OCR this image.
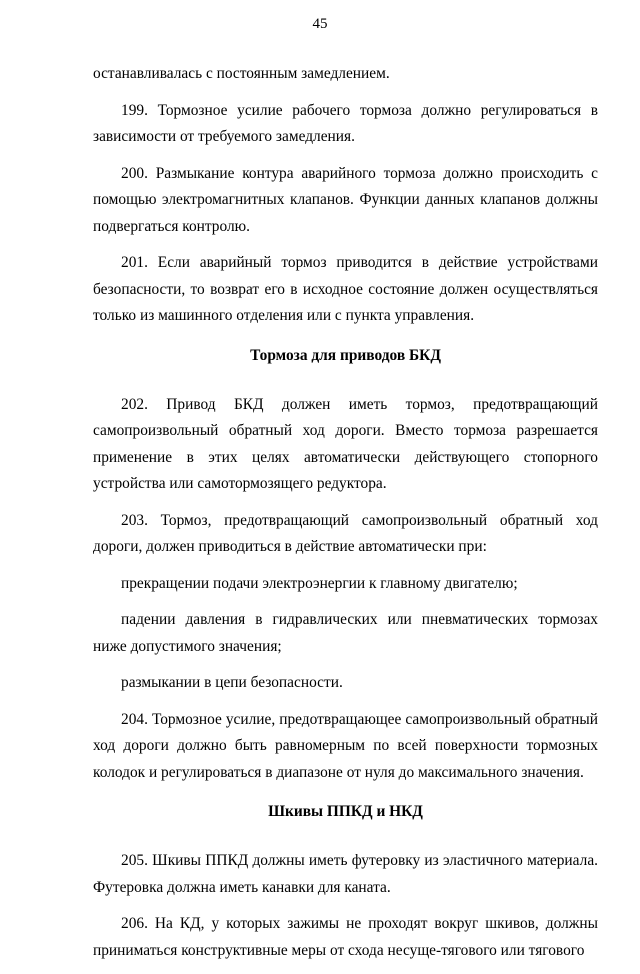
45

останавливалась с постоянным замедлением.

199. Тормозное усилие рабочего тормоза должно регулироваться в зависимости от требуемого замедления.

200. Размыкание контура аварийного тормоза должно происходить с помощью электромагнитных клапанов. Функции данных клапанов должны подвергаться контролю.

201. Если аварийный тормоз приводится в действие устройствами безопасности, то возврат его в исходное состояние должен осуществляться только из машинного отделения или с пункта управления.

Тормоза для приводов БКД

202. Привод БКД должен иметь тормоз, предотвращающий самопроизвольный обратный ход дороги. Вместо тормоза разрешается применение в этих целях автоматически действующего стопорного устройства или самотормозящего редуктора.

203. Тормоз, предотвращающий самопроизвольный обратный ход дороги, должен приводиться в действие автоматически при:

прекращении подачи электроэнергии к главному двигателю;

падении давления в гидравлических или пневматических тормозах ниже допустимого значения;

размыкании в цепи безопасности.

204. Тормозное усилие, предотвращающее самопроизвольный обратный ход дороги должно быть равномерным по всей поверхности тормозных колодок и регулироваться в диапазоне от нуля до максимального значения.

Шкивы ППКД и НКД

205. Шкивы ППКД должны иметь футеровку из эластичного материала. Футеровка должна иметь канавки для каната.

206. На КД, у которых зажимы не проходят вокруг шкивов, должны приниматься конструктивные меры от схода несуще-тягового или тягового
